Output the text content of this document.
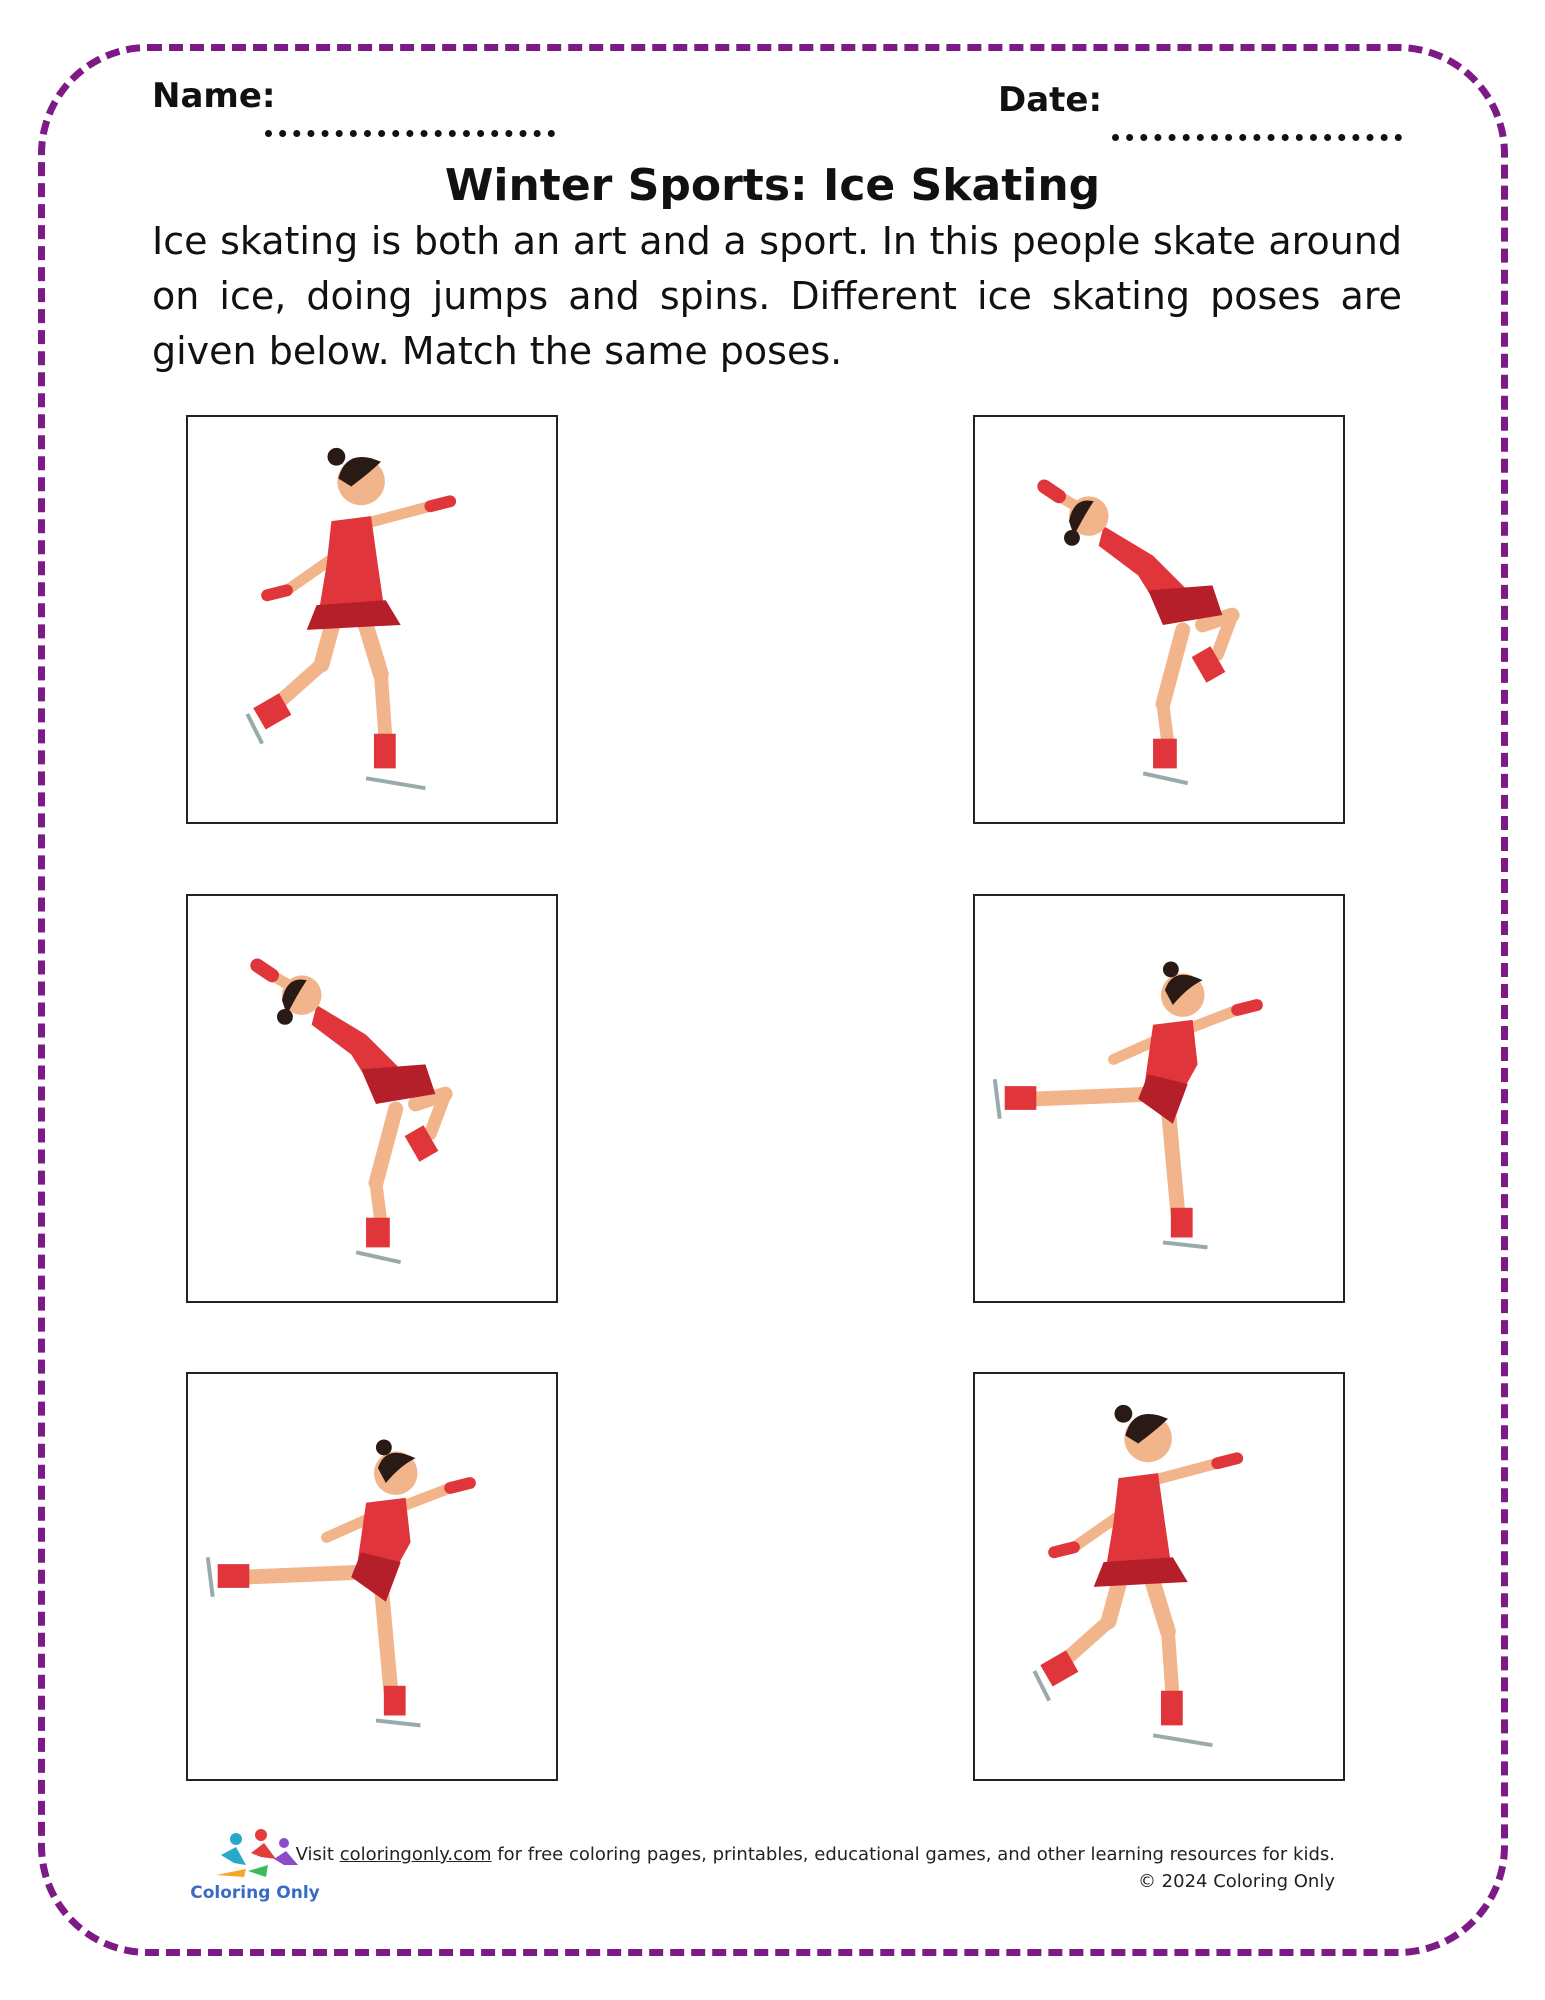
Name:	Date:
Winter Sports: Ice Skating

Ice skating is both an art and a sport. In this people skate around on ice, doing jumps and spins. Different ice skating poses are given below. Match the same poses.

Coloring Only
Visit coloringonly.com for free coloring pages, printables, educational games, and other learning resources for kids.
© 2024 Coloring Only
